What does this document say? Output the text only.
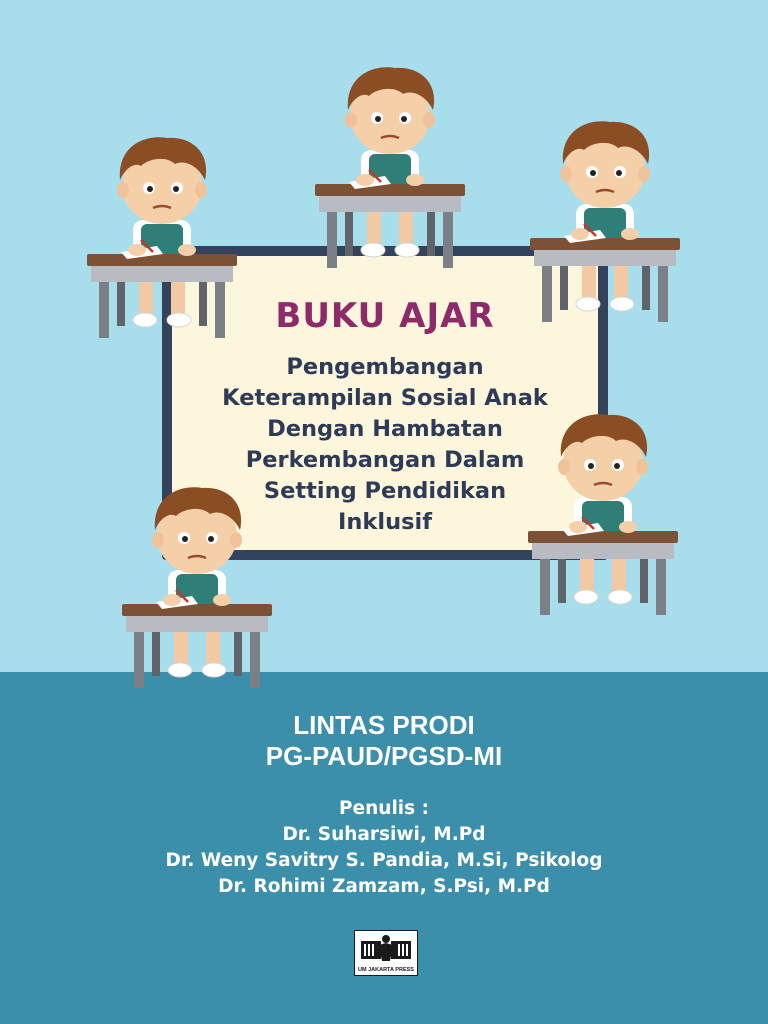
BUKU AJAR

Pengembangan
Keterampilan Sosial Anak
Dengan Hambatan
Perkembangan Dalam
Setting Pendidikan
Inklusif

LINTAS PRODI
PG-PAUD/PGSD-MI
Penulis :
Dr. Suharsiwi, M.Pd
Dr. Weny Savitry S. Pandia, M.Si, Psikolog
Dr. Rohimi Zamzam, S.Psi, M.Pd
UM JAKARTA PRESS
